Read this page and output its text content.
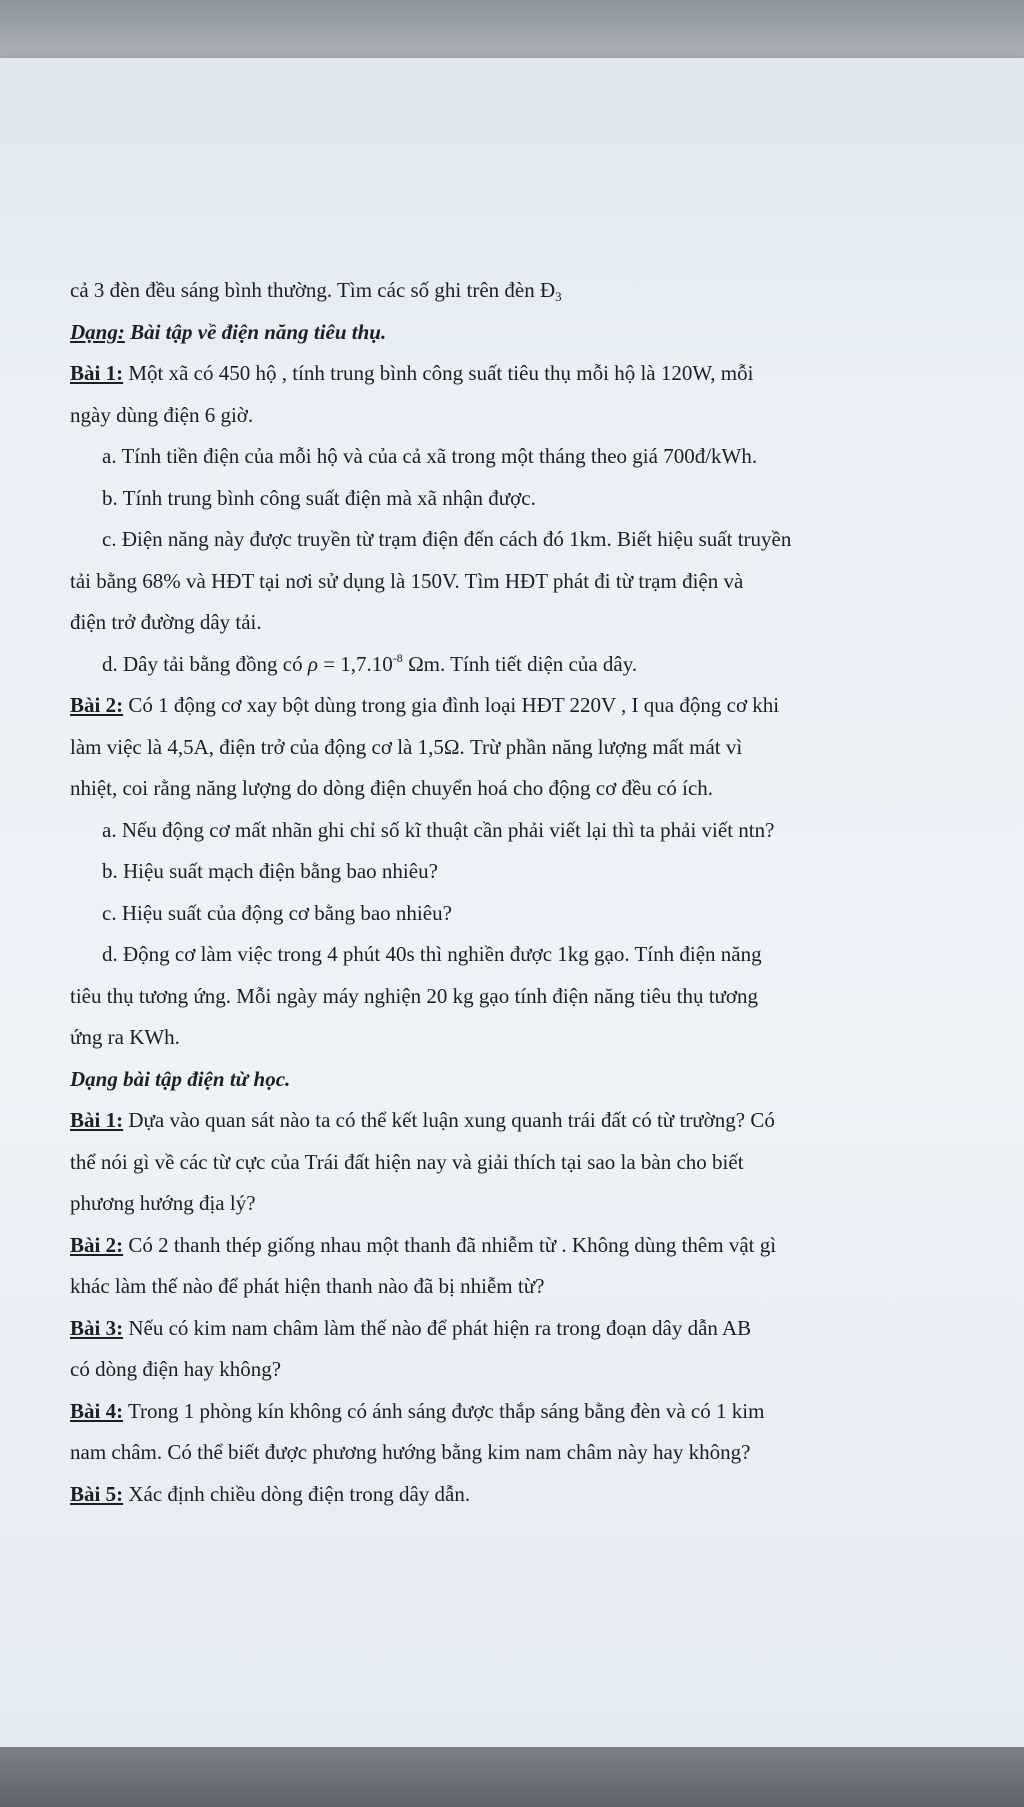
cả 3 đèn đều sáng bình thường. Tìm các số ghi trên đèn $Đ_3$
Dạng: Bài tập về điện năng tiêu thụ.
Bài 1: Một xã có 450 hộ , tính trung bình công suất tiêu thụ mỗi hộ là 120W, mỗi
ngày dùng điện 6 giờ.
a. Tính tiền điện của mỗi hộ và của cả xã trong một tháng theo giá 700đ/kWh.
b. Tính trung bình công suất điện mà xã nhận được.
c. Điện năng này được truyền từ trạm điện đến cách đó 1km. Biết hiệu suất truyền
tải bằng 68% và HĐT tại nơi sử dụng là 150V. Tìm HĐT phát đi từ trạm điện và
điện trở đường dây tải.
d. Dây tải bằng đồng có $\rho = 1,7.10^{-8}$ Ωm. Tính tiết diện của dây.
Bài 2: Có 1 động cơ xay bột dùng trong gia đình loại HĐT 220V , I qua động cơ khi
làm việc là 4,5A, điện trở của động cơ là 1,5Ω. Trừ phần năng lượng mất mát vì
nhiệt, coi rằng năng lượng do dòng điện chuyển hoá cho động cơ đều có ích.
a. Nếu động cơ mất nhãn ghi chỉ số kĩ thuật cần phải viết lại thì ta phải viết ntn?
b. Hiệu suất mạch điện bằng bao nhiêu?
c. Hiệu suất của động cơ bằng bao nhiêu?
d. Động cơ làm việc trong 4 phút 40s thì nghiền được 1kg gạo. Tính điện năng
tiêu thụ tương ứng. Mỗi ngày máy nghiện 20 kg gạo tính điện năng tiêu thụ tương
ứng ra KWh.
Dạng bài tập điện từ học.
Bài 1: Dựa vào quan sát nào ta có thể kết luận xung quanh trái đất có từ trường? Có
thể nói gì về các từ cực của Trái đất hiện nay và giải thích tại sao la bàn cho biết
phương hướng địa lý?
Bài 2: Có 2 thanh thép giống nhau một thanh đã nhiễm từ . Không dùng thêm vật gì
khác làm thế nào để phát hiện thanh nào đã bị nhiễm từ?
Bài 3: Nếu có kim nam châm làm thế nào để phát hiện ra trong đoạn dây dẫn AB
có dòng điện hay không?
Bài 4: Trong 1 phòng kín không có ánh sáng được thắp sáng bằng đèn và có 1 kim
nam châm. Có thể biết được phương hướng bằng kim nam châm này hay không?
Bài 5: Xác định chiều dòng điện trong dây dẫn.
